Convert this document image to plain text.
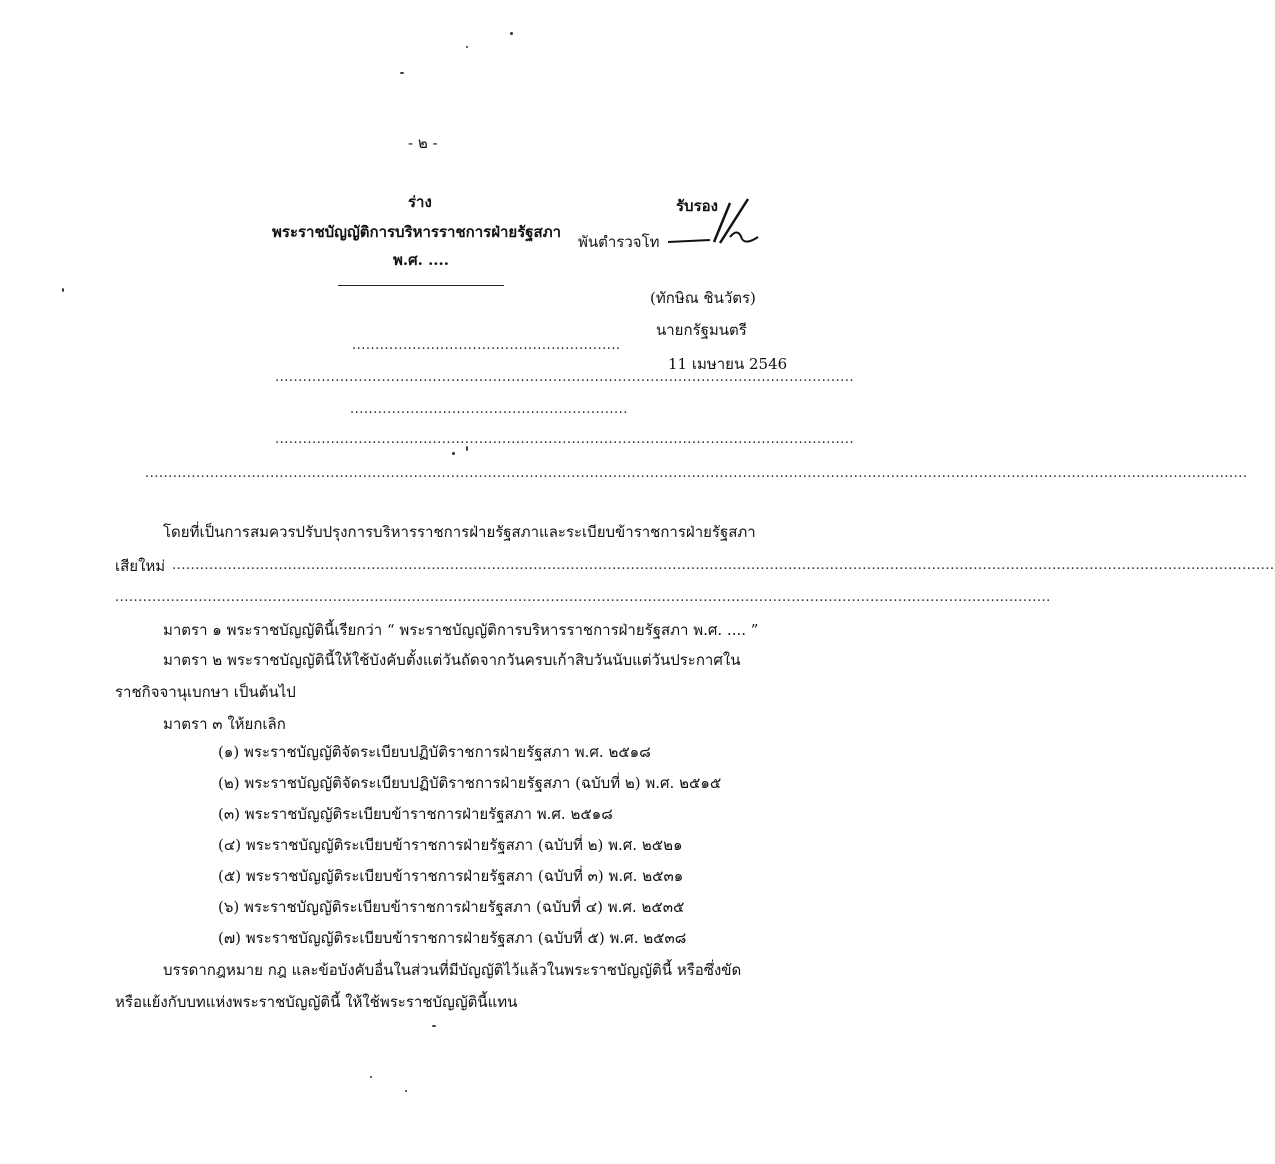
- ๒ -
ร่าง
พระราชบัญญัติการบริหารราชการฝ่ายรัฐสภา
พ.ศ. ....
รับรอง
พันตำรวจโท
(ทักษิณ ชินวัตร)
นายกรัฐมนตรี
11 เมษายน 2546
..........................................................
.............................................................................................................................
............................................................
.............................................................................................................................
..............................................................................................................................................................................................................................................
โดยที่เป็นการสมควรปรับปรุงการบริหารราชการฝ่ายรัฐสภาและระเบียบข้าราชการฝ่ายรัฐสภา
เสียใหม่ ..............................................................................................................................................................................................................................................
..........................................................................................................................................................................................................
มาตรา ๑ พระราชบัญญัตินี้เรียกว่า “ พระราชบัญญัติการบริหารราชการฝ่ายรัฐสภา พ.ศ. .... ”
มาตรา ๒ พระราชบัญญัตินี้ให้ใช้บังคับตั้งแต่วันถัดจากวันครบเก้าสิบวันนับแต่วันประกาศใน
ราชกิจจานุเบกษา เป็นต้นไป
มาตรา ๓ ให้ยกเลิก
(๑) พระราชบัญญัติจัดระเบียบปฏิบัติราชการฝ่ายรัฐสภา พ.ศ. ๒๕๑๘
(๒) พระราชบัญญัติจัดระเบียบปฏิบัติราชการฝ่ายรัฐสภา (ฉบับที่ ๒) พ.ศ. ๒๕๑๕
(๓) พระราชบัญญัติระเบียบข้าราชการฝ่ายรัฐสภา พ.ศ. ๒๕๑๘
(๔) พระราชบัญญัติระเบียบข้าราชการฝ่ายรัฐสภา (ฉบับที่ ๒) พ.ศ. ๒๕๒๑
(๕) พระราชบัญญัติระเบียบข้าราชการฝ่ายรัฐสภา (ฉบับที่ ๓) พ.ศ. ๒๕๓๑
(๖) พระราชบัญญัติระเบียบข้าราชการฝ่ายรัฐสภา (ฉบับที่ ๔) พ.ศ. ๒๕๓๕
(๗) พระราชบัญญัติระเบียบข้าราชการฝ่ายรัฐสภา (ฉบับที่ ๕) พ.ศ. ๒๕๓๘
บรรดากฎหมาย กฎ และข้อบังคับอื่นในส่วนที่มีบัญญัติไว้แล้วในพระราชบัญญัตินี้ หรือซึ่งขัด
หรือแย้งกับบทแห่งพระราชบัญญัตินี้ ให้ใช้พระราชบัญญัตินี้แทน
